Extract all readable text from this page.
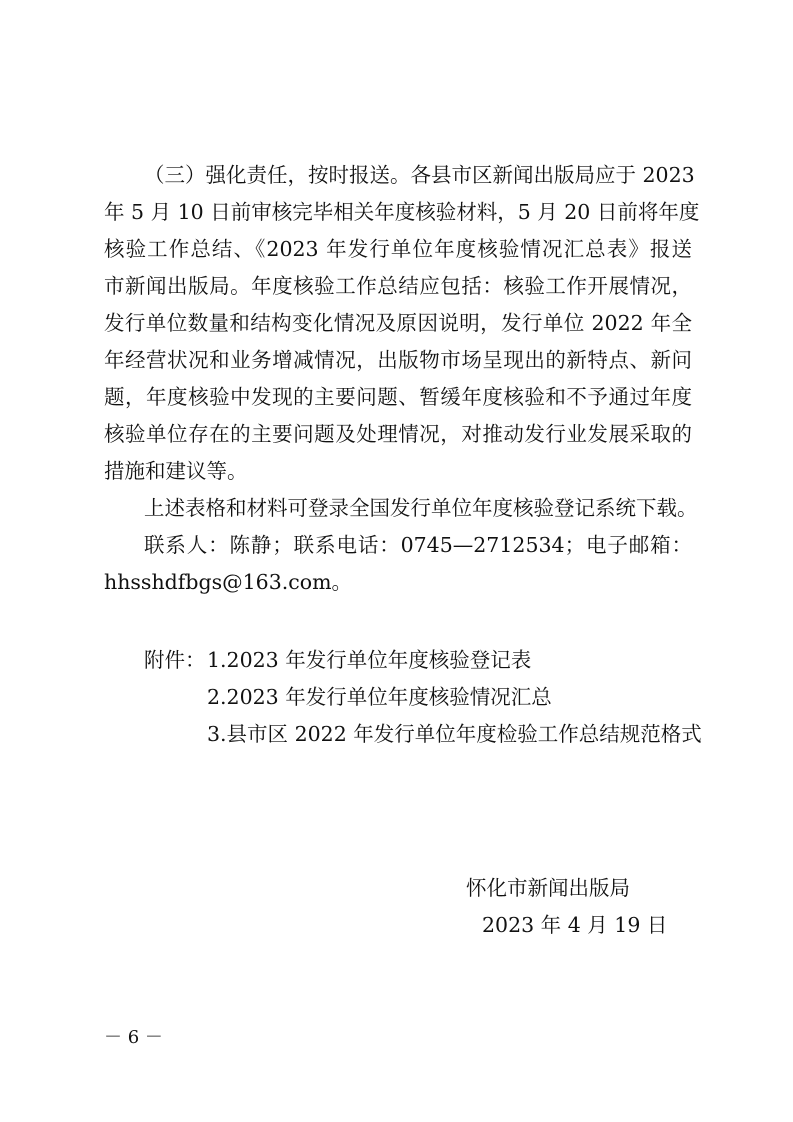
（三）强化责任，按时报送。各县市区新闻出版局应于 2023
年 5 月 10 日前审核完毕相关年度核验材料，5 月 20 日前将年度
核验工作总结、《2023 年发行单位年度核验情况汇总表》报送
市新闻出版局。年度核验工作总结应包括：核验工作开展情况，
发行单位数量和结构变化情况及原因说明，发行单位 2022 年全
年经营状况和业务增减情况，出版物市场呈现出的新特点、新问
题，年度核验中发现的主要问题、暂缓年度核验和不予通过年度
核验单位存在的主要问题及处理情况，对推动发行业发展采取的
措施和建议等。
上述表格和材料可登录全国发行单位年度核验登记系统下载。
联系人：陈静；联系电话：0745—2712534；电子邮箱：
hhsshdfbgs@163.com。
附件： 1.2023 年发行单位年度核验登记表
2.2023 年发行单位年度核验情况汇总
3.县市区 2022 年发行单位年度检验工作总结规范格式
怀化市新闻出版局
2023 年 4 月 19 日
－ 6 －
